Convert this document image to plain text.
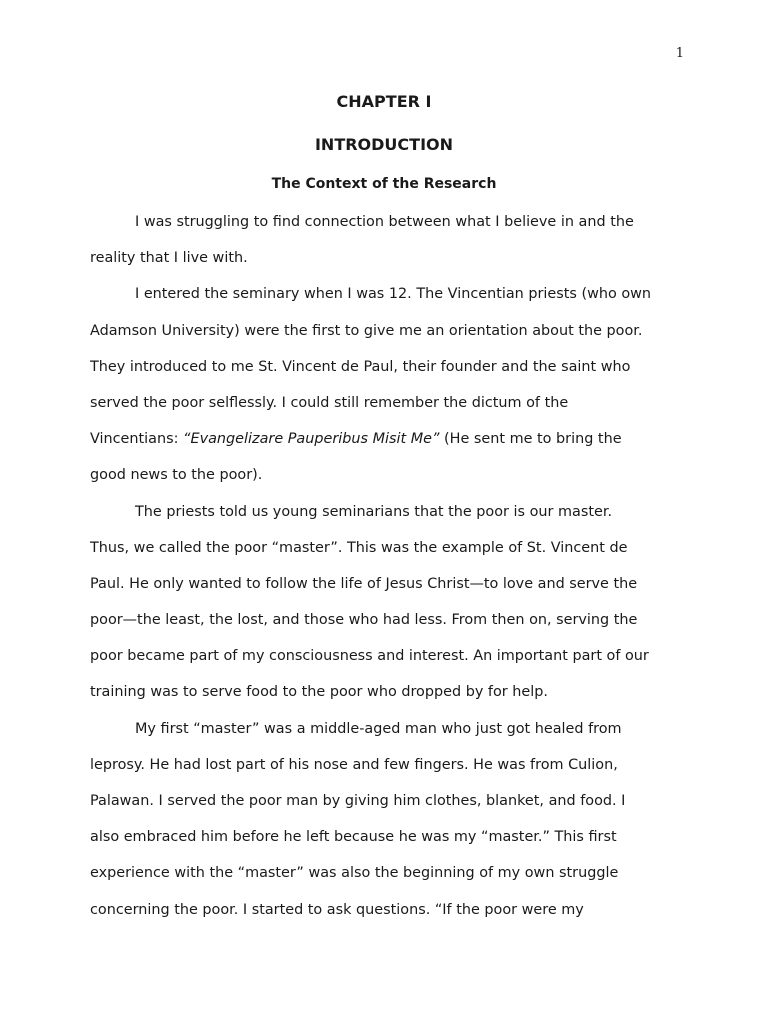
1
CHAPTER I
INTRODUCTION
The Context of the Research
I was struggling to find connection between what I believe in and the
reality that I live with.
I entered the seminary when I was 12. The Vincentian priests (who own
Adamson University) were the first to give me an orientation about the poor.
They introduced to me St. Vincent de Paul, their founder and the saint who
served the poor selflessly. I could still remember the dictum of the
Vincentians: “Evangelizare Pauperibus Misit Me” (He sent me to bring the
good news to the poor).
The priests told us young seminarians that the poor is our master.
Thus, we called the poor “master”. This was the example of St. Vincent de
Paul. He only wanted to follow the life of Jesus Christ—to love and serve the
poor—the least, the lost, and those who had less. From then on, serving the
poor became part of my consciousness and interest. An important part of our
training was to serve food to the poor who dropped by for help.
My first “master” was a middle-aged man who just got healed from
leprosy. He had lost part of his nose and few fingers. He was from Culion,
Palawan. I served the poor man by giving him clothes, blanket, and food. I
also embraced him before he left because he was my “master.” This first
experience with the “master” was also the beginning of my own struggle
concerning the poor. I started to ask questions. “If the poor were my
